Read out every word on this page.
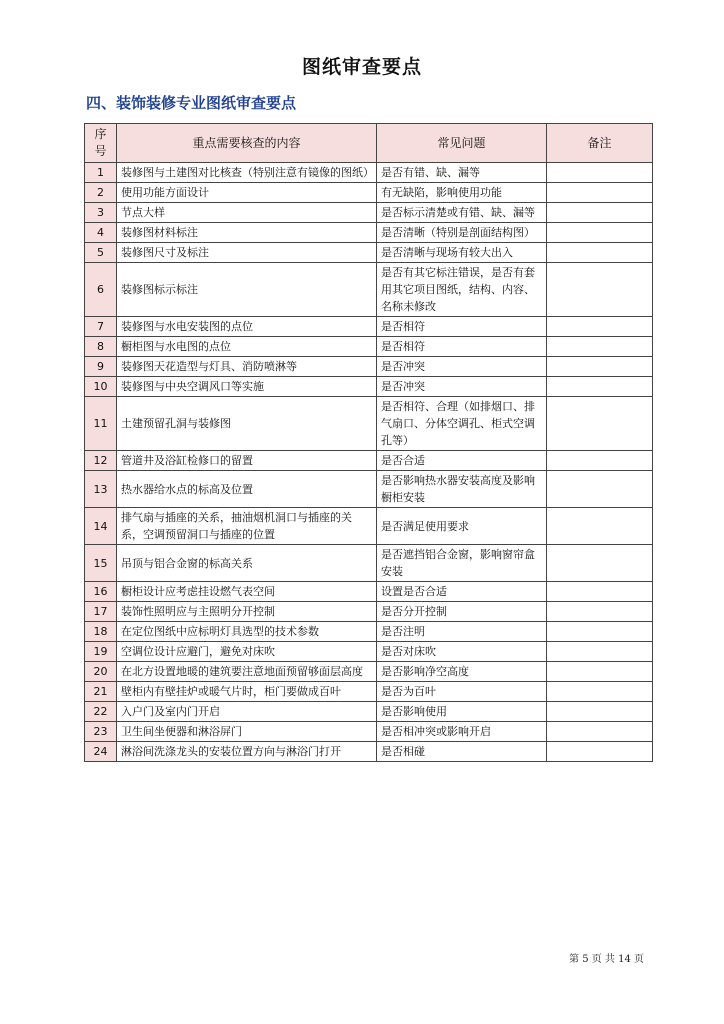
图纸审查要点
四、装饰装修专业图纸审查要点
序号	重点需要核查的内容	常见问题	备注
1	装修图与土建图对比核查（特别注意有镜像的图纸）	是否有错、缺、漏等	
2	使用功能方面设计	有无缺陷，影响使用功能	
3	节点大样	是否标示清楚或有错、缺、漏等	
4	装修图材料标注	是否清晰（特别是剖面结构图）	
5	装修图尺寸及标注	是否清晰与现场有较大出入	
6	装修图标示标注	是否有其它标注错误，是否有套用其它项目图纸，结构、内容、名称未修改	
7	装修图与水电安装图的点位	是否相符	
8	橱柜图与水电图的点位	是否相符	
9	装修图天花造型与灯具、消防喷淋等	是否冲突	
10	装修图与中央空调风口等实施	是否冲突	
11	土建预留孔洞与装修图	是否相符、合理（如排烟口、排气扇口、分体空调孔、柜式空调孔等）	
12	管道井及浴缸检修口的留置	是否合适	
13	热水器给水点的标高及位置	是否影响热水器安装高度及影响橱柜安装	
14	排气扇与插座的关系，抽油烟机洞口与插座的关系，空调预留洞口与插座的位置	是否满足使用要求	
15	吊顶与铝合金窗的标高关系	是否遮挡铝合金窗，影响窗帘盒安装	
16	橱柜设计应考虑挂设燃气表空间	设置是否合适	
17	装饰性照明应与主照明分开控制	是否分开控制	
18	在定位图纸中应标明灯具选型的技术参数	是否注明	
19	空调位设计应避门，避免对床吹	是否对床吹	
20	在北方设置地暖的建筑要注意地面预留够面层高度	是否影响净空高度	
21	壁柜内有壁挂炉或暖气片时，柜门要做成百叶	是否为百叶	
22	入户门及室内门开启	是否影响使用	
23	卫生间坐便器和淋浴屏门	是否相冲突或影响开启	
24	淋浴间洗涤龙头的安装位置方向与淋浴门打开	是否相碰	
第 5 页 共 14 页
